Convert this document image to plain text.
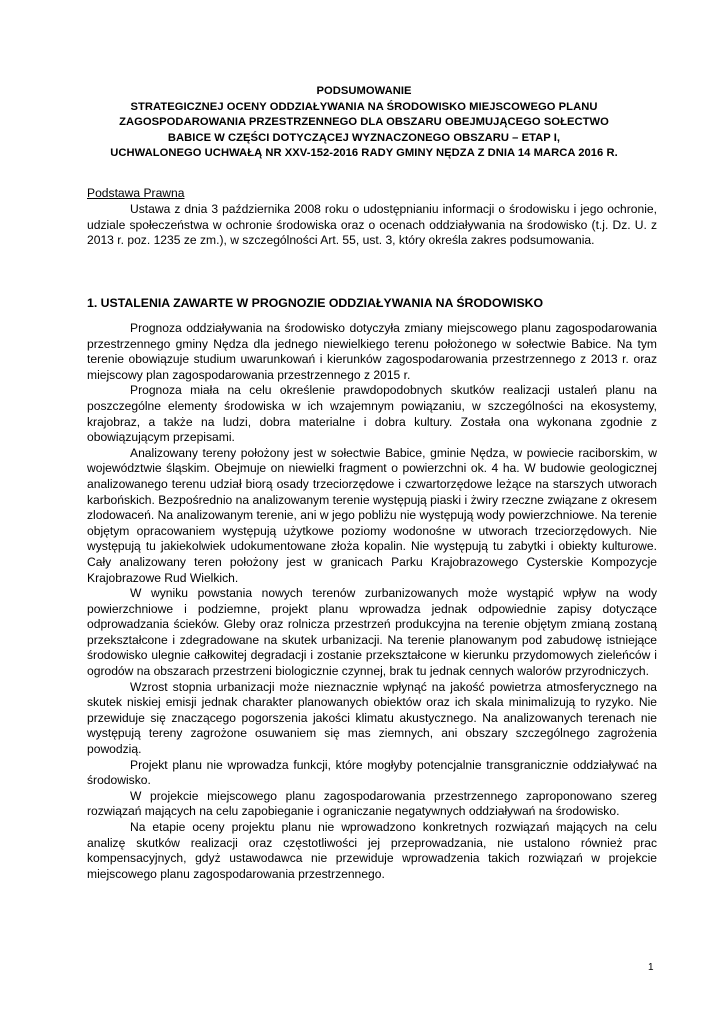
PODSUMOWANIE
STRATEGICZNEJ OCENY ODDZIAŁYWANIA NA ŚRODOWISKO MIEJSCOWEGO PLANU
ZAGOSPODAROWANIA PRZESTRZENNEGO DLA OBSZARU OBEJMUJĄCEGO SOŁECTWO
BABICE W CZĘŚCI DOTYCZĄCEJ WYZNACZONEGO OBSZARU – ETAP I,
UCHWALONEGO UCHWAŁĄ NR XXV-152-2016 RADY GMINY NĘDZA Z DNIA 14 MARCA 2016 R.
Podstawa Prawna

Ustawa z dnia 3 października 2008 roku o udostępnianiu informacji o środowisku i jego ochronie, udziale społeczeństwa w ochronie środowiska oraz o ocenach oddziaływania na środowisko (t.j. Dz. U. z 2013 r. poz. 1235 ze zm.), w szczególności Art. 55, ust. 3, który określa zakres podsumowania.

1. USTALENIA ZAWARTE W PROGNOZIE ODDZIAŁYWANIA NA ŚRODOWISKO

Prognoza oddziaływania na środowisko dotyczyła zmiany miejscowego planu zagospodarowania przestrzennego gminy Nędza dla jednego niewielkiego terenu położonego w sołectwie Babice. Na tym terenie obowiązuje studium uwarunkowań i kierunków zagospodarowania przestrzennego z 2013 r. oraz miejscowy plan zagospodarowania przestrzennego z 2015 r.

Prognoza miała na celu określenie prawdopodobnych skutków realizacji ustaleń planu na poszczególne elementy środowiska w ich wzajemnym powiązaniu, w szczególności na ekosystemy, krajobraz, a także na ludzi, dobra materialne i dobra kultury. Została ona wykonana zgodnie z obowiązującym przepisami.

Analizowany tereny położony jest w sołectwie Babice, gminie Nędza, w powiecie raciborskim, w województwie śląskim. Obejmuje on niewielki fragment o powierzchni ok. 4 ha. W budowie geologicznej analizowanego terenu udział biorą osady trzeciorzędowe i czwartorzędowe leżące na starszych utworach karbońskich. Bezpośrednio na analizowanym terenie występują piaski i żwiry rzeczne związane z okresem zlodowaceń. Na analizowanym terenie, ani w jego pobliżu nie występują wody powierzchniowe. Na terenie objętym opracowaniem występują użytkowe poziomy wodonośne w utworach trzeciorzędowych. Nie występują tu jakiekolwiek udokumentowane złoża kopalin. Nie występują tu zabytki i obiekty kulturowe. Cały analizowany teren położony jest w granicach Parku Krajobrazowego Cysterskie Kompozycje Krajobrazowe Rud Wielkich.

W wyniku powstania nowych terenów zurbanizowanych może wystąpić wpływ na wody powierzchniowe i podziemne, projekt planu wprowadza jednak odpowiednie zapisy dotyczące odprowadzania ścieków. Gleby oraz rolnicza przestrzeń produkcyjna na terenie objętym zmianą zostaną przekształcone i zdegradowane na skutek urbanizacji. Na terenie planowanym pod zabudowę istniejące środowisko ulegnie całkowitej degradacji i zostanie przekształcone w kierunku przydomowych zieleńców i ogrodów na obszarach przestrzeni biologicznie czynnej, brak tu jednak cennych walorów przyrodniczych.

Wzrost stopnia urbanizacji może nieznacznie wpłynąć na jakość powietrza atmosferycznego na skutek niskiej emisji jednak charakter planowanych obiektów oraz ich skala minimalizują to ryzyko. Nie przewiduje się znaczącego pogorszenia jakości klimatu akustycznego. Na analizowanych terenach nie występują tereny zagrożone osuwaniem się mas ziemnych, ani obszary szczególnego zagrożenia powodzią.

Projekt planu nie wprowadza funkcji, które mogłyby potencjalnie transgranicznie oddziaływać na środowisko.

W projekcie miejscowego planu zagospodarowania przestrzennego zaproponowano szereg rozwiązań mających na celu zapobieganie i ograniczanie negatywnych oddziaływań na środowisko.

Na etapie oceny projektu planu nie wprowadzono konkretnych rozwiązań mających na celu analizę skutków realizacji oraz częstotliwości jej przeprowadzania, nie ustalono również prac kompensacyjnych, gdyż ustawodawca nie przewiduje wprowadzenia takich rozwiązań w projekcie miejscowego planu zagospodarowania przestrzennego.

1
